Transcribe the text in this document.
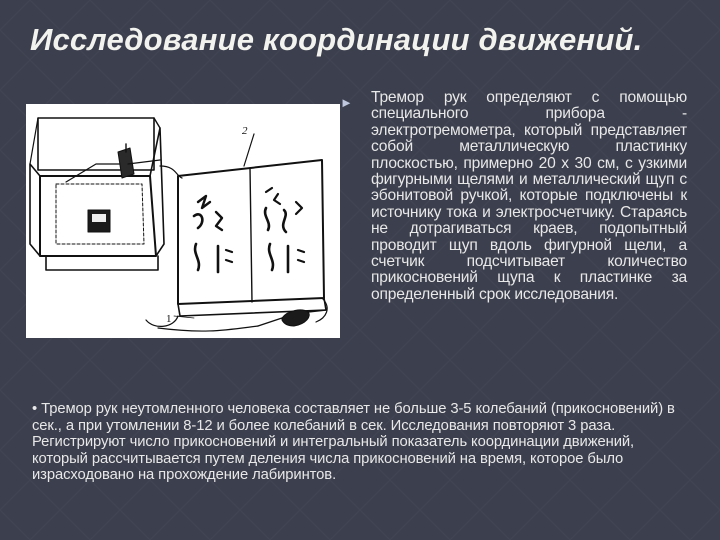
Исследование координации движений.
1
2
► Тремор рук определяют с помощью специального прибора - электротремометра, который представляет собой металлическую пластинку плоскостью, примерно 20 х 30 см, с узкими фигурными щелями и металлический щуп с эбонитовой ручкой, которые подключены к источнику тока и электросчетчику. Стараясь не дотрагиваться краев, подопытный проводит щуп вдоль фигурной щели, а счетчик подсчитывает количество прикосновений щупа к пластинке за определенный срок исследования.
• Тремор рук неутомленного человека составляет не больше 3-5 колебаний (прикосновений) в сек., а при утомлении 8-12 и более колебаний в сек. Исследования повторяют 3 раза. Регистрируют число прикосновений и интегральный показатель координации движений, который рассчитывается путем деления числа прикосновений на время, которое было израсходовано на прохождение лабиринтов.
